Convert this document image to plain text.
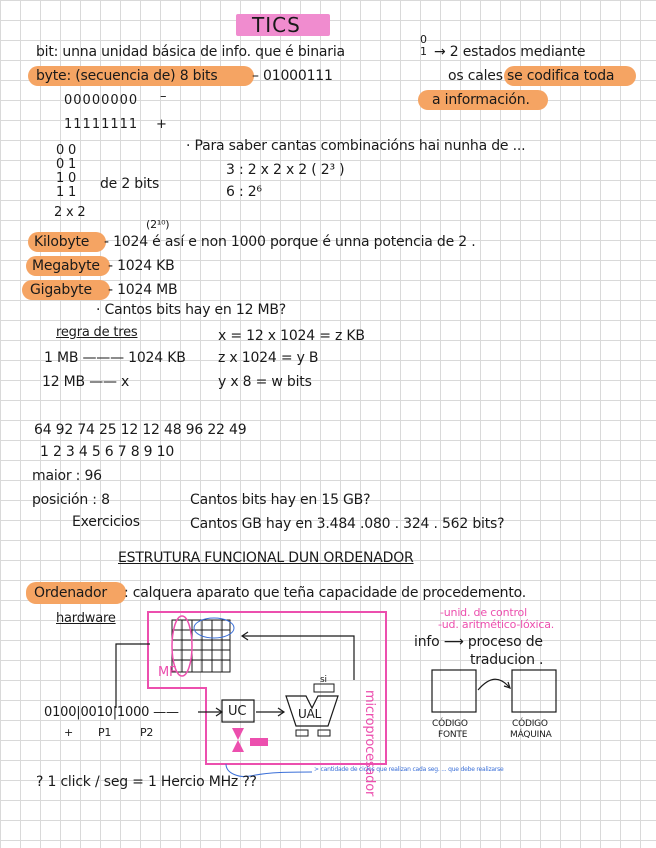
TICS
bit: unna unidad básica de info. que é binaria
0
1 → 2 estados mediante
byte: (secuencia de) 8 bits – 01000111	os cales se codifica toda
a información.
00000000
11111111
–
+
0 0
0 1
1 0
1 1
de 2 bits
2 x 2
· Para saber cantas combinacións hai nunha de ...
3 : 2 x 2 x 2 ( 2³ )
6 : 2⁶
(2¹⁰)
Kilobyte - 1024 é así e non 1000 porque é unna potencia de 2 .
Megabyte - 1024 KB
Gigabyte - 1024 MB
· Cantos bits hay en 12 MB?
regra de tres
1 MB ——— 1024 KB
12 MB —— x
x = 12 x 1024 = z KB
z x 1024 = y B
y x 8 = w bits
64 92 74 25 12 12 48 96 22 49
1 2 3 4 5 6 7 8 9 10
maior : 96
posición : 8
Exercicios
Cantos bits hay en 15 GB?
Cantos GB hay en 3.484 .080 . 324 . 562 bits?
ESTRUTURA FUNCIONAL DUN ORDENADOR
Ordenador : calquera aparato que teña capacidade de procedemento.
hardware	-unid. de control
-ud. aritmético-lóxica.
info ⟶ proceso de
traducion .
MF
UC	UAL
si
microprocesador
0100|0010|1000 ——
+ P1	P2
CÓDIGO
FONTE
CÓDIGO
MÁQUINA
? 1 click / seg = 1 Hercio MHz ??
> cantidade de ciclos que realizan cada seg. ... que debe realizarse
